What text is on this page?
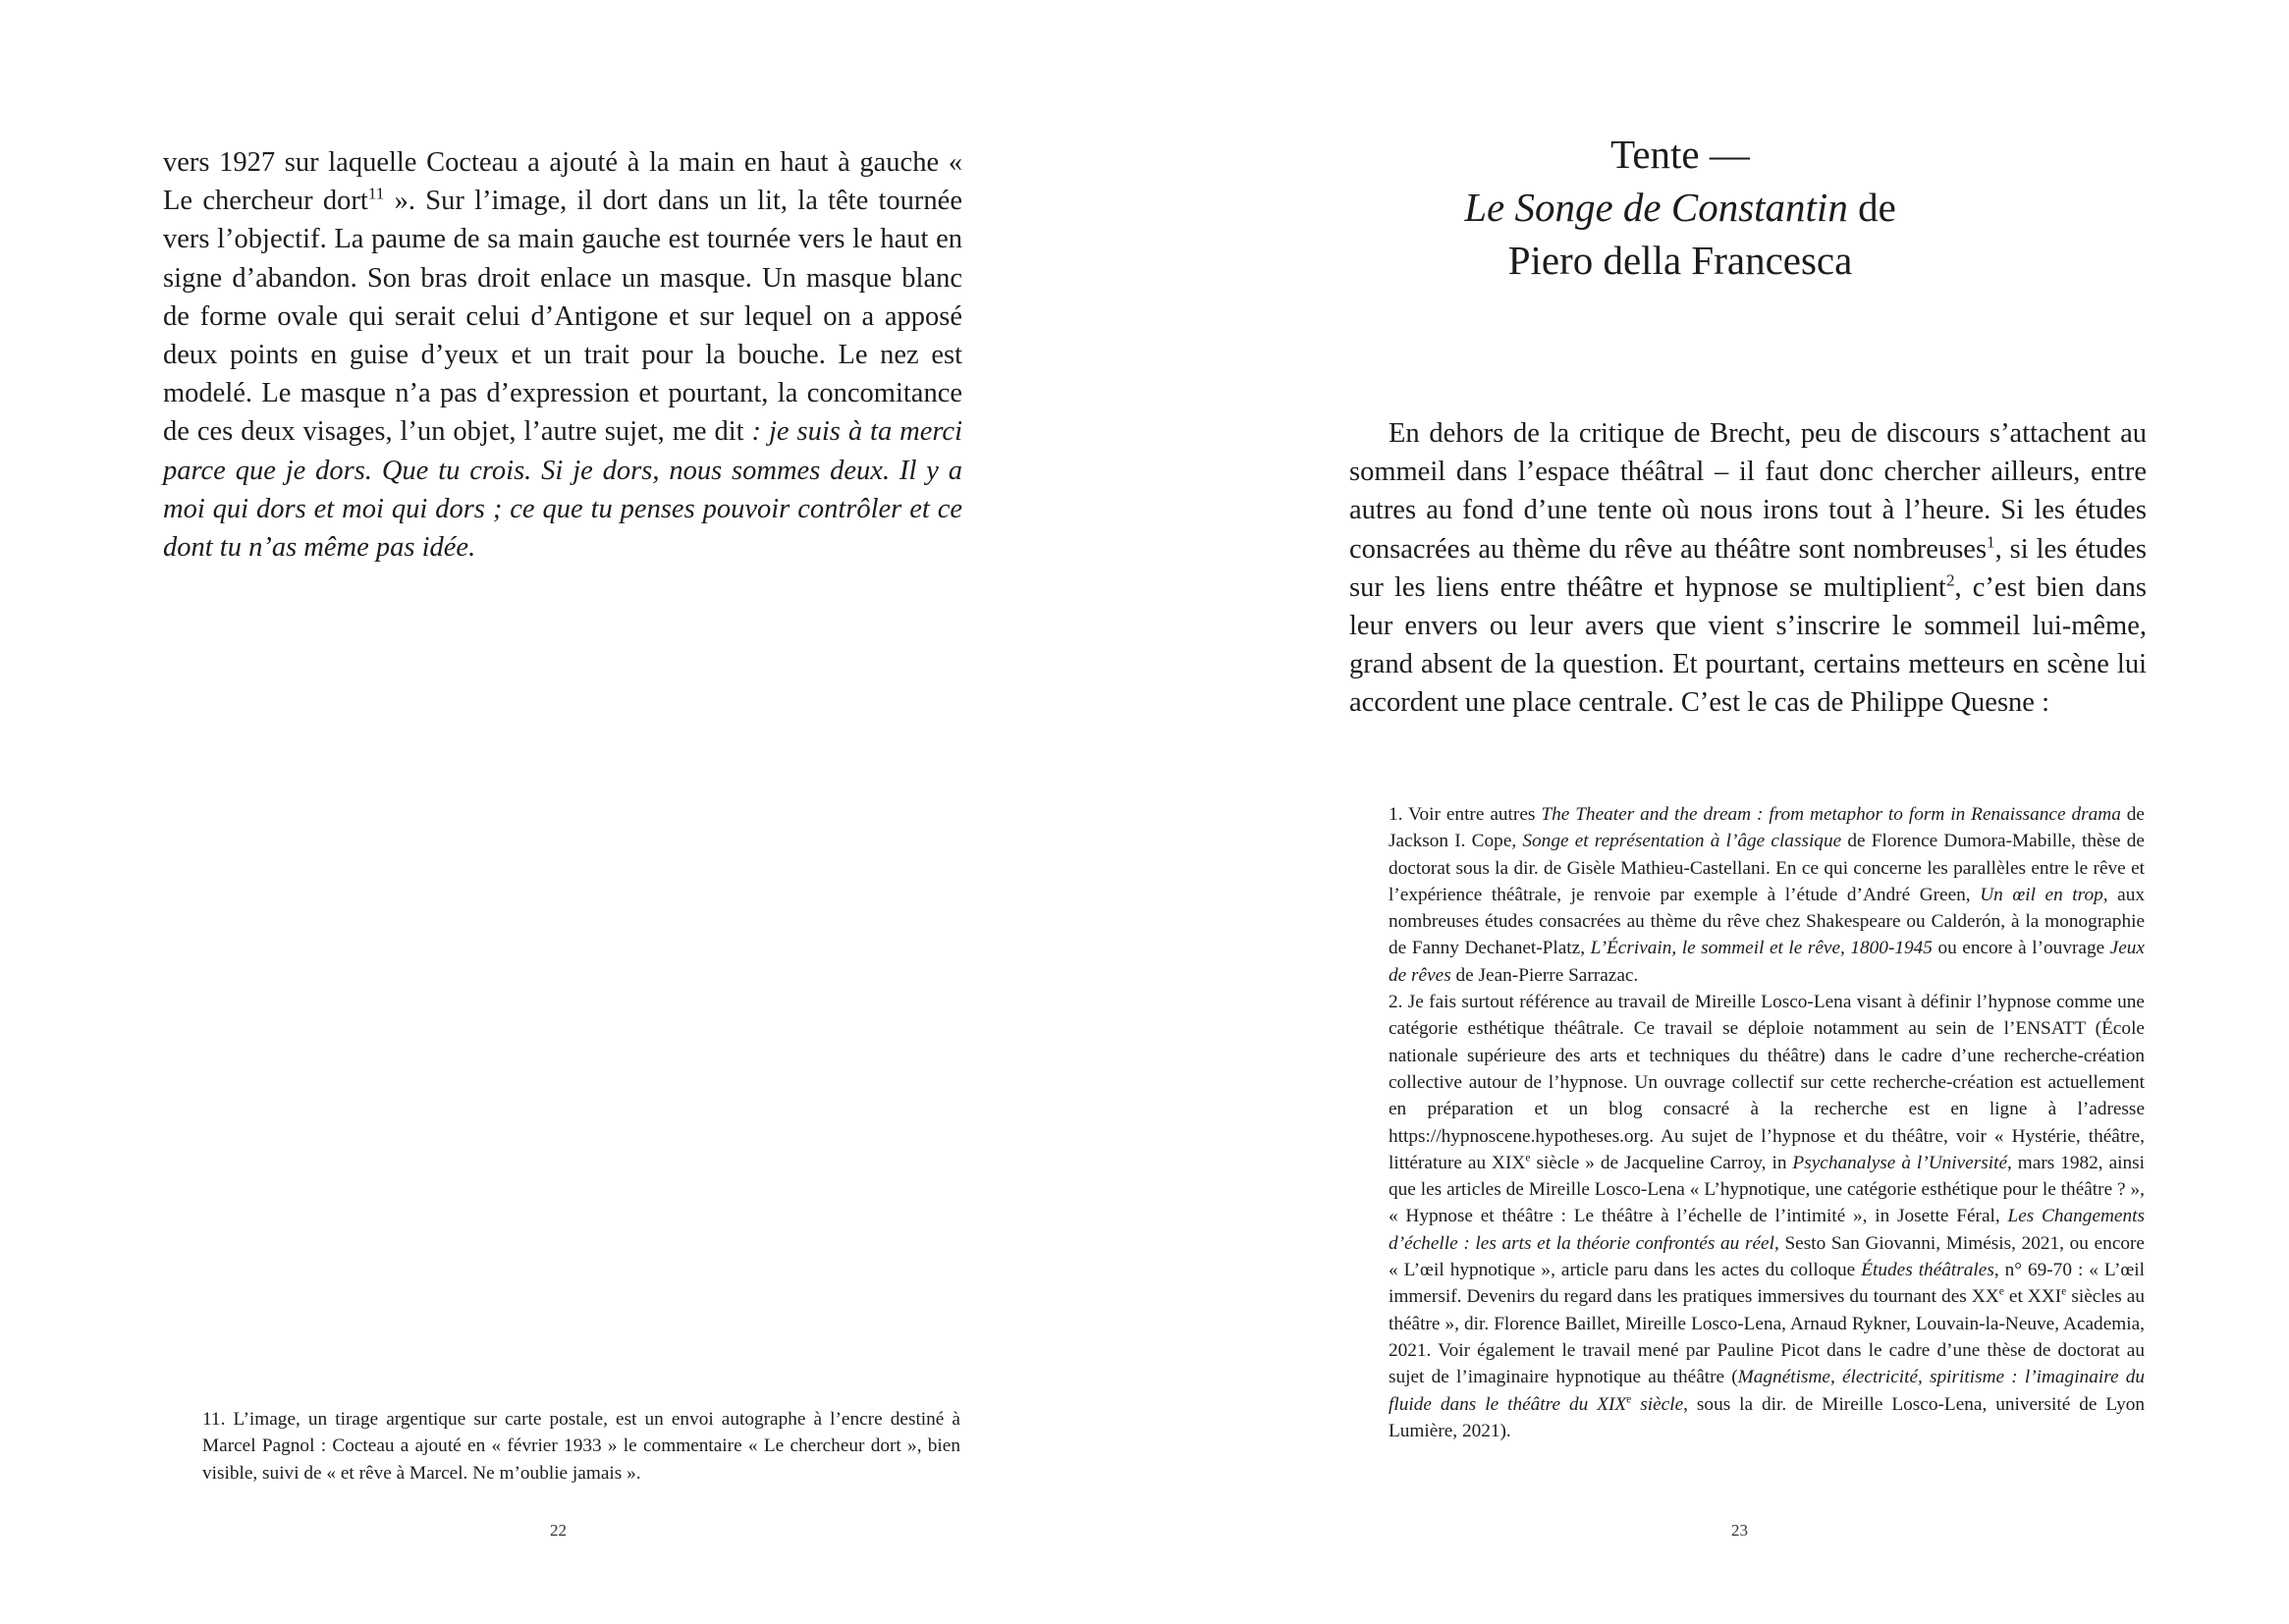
vers 1927 sur laquelle Cocteau a ajouté à la main en haut à gauche « Le chercheur dort$^{11}$ ». Sur l’image, il dort dans un lit, la tête tournée vers l’objectif. La paume de sa main gauche est tournée vers le haut en signe d’abandon. Son bras droit enlace un masque. Un masque blanc de forme ovale qui serait celui d’Antigone et sur lequel on a apposé deux points en guise d’yeux et un trait pour la bouche. Le nez est modelé. Le masque n’a pas d’expression et pourtant, la concomitance de ces deux visages, l’un objet, l’autre sujet, me dit : je suis à ta merci parce que je dors. Que tu crois. Si je dors, nous sommes deux. Il y a moi qui dors et moi qui dors ; ce que tu penses pouvoir contrôler et ce dont tu n’as même pas idée.

11. L’image, un tirage argentique sur carte postale, est un envoi autographe à l’encre destiné à Marcel Pagnol : Cocteau a ajouté en « février 1933 » le commentaire « Le chercheur dort », bien visible, suivi de « et rêve à Marcel. Ne m’oublie jamais ».

22
Tente —
Le Songe de Constantin de
Piero della Francesca

En dehors de la critique de Brecht, peu de discours s’attachent au sommeil dans l’espace théâtral – il faut donc chercher ailleurs, entre autres au fond d’une tente où nous irons tout à l’heure. Si les études consacrées au thème du rêve au théâtre sont nombreuses$^1$, si les études sur les liens entre théâtre et hypnose se multiplient$^2$, c’est bien dans leur envers ou leur avers que vient s’inscrire le sommeil lui-même, grand absent de la question. Et pourtant, certains metteurs en scène lui accordent une place centrale. C’est le cas de Philippe Quesne :

1. Voir entre autres The Theater and the dream : from metaphor to form in Renaissance drama de Jackson I. Cope, Songe et représentation à l’âge classique de Florence Dumora-Mabille, thèse de doctorat sous la dir. de Gisèle Mathieu-Castellani. En ce qui concerne les parallèles entre le rêve et l’expérience théâtrale, je renvoie par exemple à l’étude d’André Green, Un œil en trop, aux nombreuses études consacrées au thème du rêve chez Shakespeare ou Calderón, à la monographie de Fanny Dechanet-Platz, L’Écrivain, le sommeil et le rêve, 1800-1945 ou encore à l’ouvrage Jeux de rêves de Jean-Pierre Sarrazac.

2. Je fais surtout référence au travail de Mireille Losco-Lena visant à définir l’hypnose comme une catégorie esthétique théâtrale. Ce travail se déploie notamment au sein de l’ENSATT (École nationale supérieure des arts et techniques du théâtre) dans le cadre d’une recherche-création collective autour de l’hypnose. Un ouvrage collectif sur cette recherche-création est actuellement en préparation et un blog consacré à la recherche est en ligne à l’adresse https://hypnoscene.hypotheses.org. Au sujet de l’hypnose et du théâtre, voir « Hystérie, théâtre, littérature au XIXe siècle » de Jacqueline Carroy, in Psychanalyse à l’Université, mars 1982, ainsi que les articles de Mireille Losco-Lena « L’hypnotique, une catégorie esthétique pour le théâtre ? », « Hypnose et théâtre : Le théâtre à l’échelle de l’intimité », in Josette Féral, Les Changements d’échelle : les arts et la théorie confrontés au réel, Sesto San Giovanni, Mimésis, 2021, ou encore « L’œil hypnotique », article paru dans les actes du colloque Études théâtrales, n° 69-70 : « L’œil immersif. Devenirs du regard dans les pratiques immersives du tournant des XXe et XXIe siècles au théâtre », dir. Florence Baillet, Mireille Losco-Lena, Arnaud Rykner, Louvain-la-Neuve, Academia, 2021. Voir également le travail mené par Pauline Picot dans le cadre d’une thèse de doctorat au sujet de l’imaginaire hypnotique au théâtre (Magnétisme, électricité, spiritisme : l’imaginaire du fluide dans le théâtre du XIXe siècle, sous la dir. de Mireille Losco-Lena, université de Lyon Lumière, 2021).

23
